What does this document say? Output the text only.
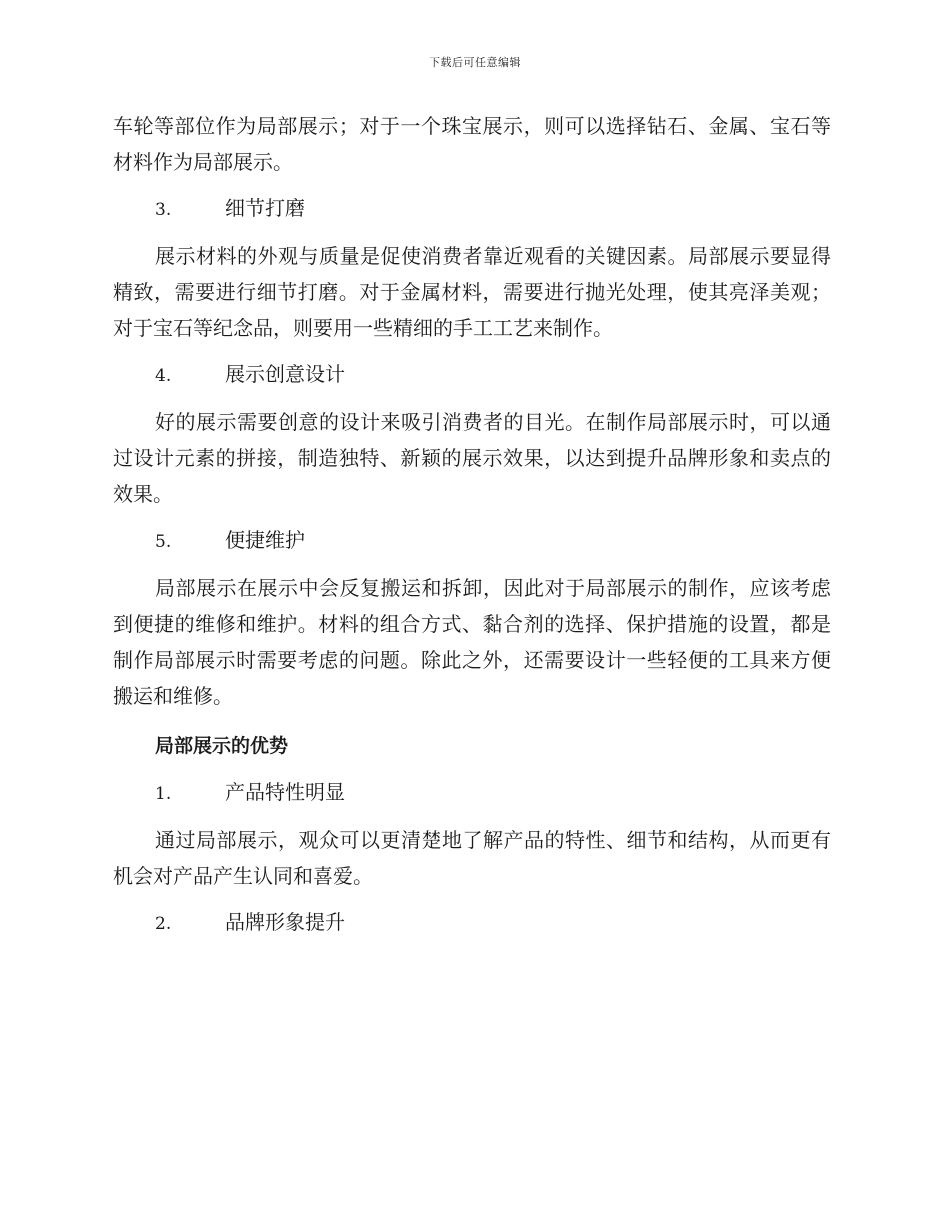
下载后可任意编辑

车轮等部位作为局部展示；对于一个珠宝展示，则可以选择钻石、金属、宝石等材料作为局部展示。

3.	细节打磨

展示材料的外观与质量是促使消费者靠近观看的关键因素。局部展示要显得精致，需要进行细节打磨。对于金属材料，需要进行抛光处理，使其亮泽美观；对于宝石等纪念品，则要用一些精细的手工工艺来制作。

4.	展示创意设计

好的展示需要创意的设计来吸引消费者的目光。在制作局部展示时，可以通过设计元素的拼接，制造独特、新颖的展示效果，以达到提升品牌形象和卖点的效果。

5.	便捷维护

局部展示在展示中会反复搬运和拆卸，因此对于局部展示的制作，应该考虑到便捷的维修和维护。材料的组合方式、黏合剂的选择、保护措施的设置，都是制作局部展示时需要考虑的问题。除此之外，还需要设计一些轻便的工具来方便搬运和维修。

局部展示的优势
1.	产品特性明显

通过局部展示，观众可以更清楚地了解产品的特性、细节和结构，从而更有机会对产品产生认同和喜爱。

2.	品牌形象提升
